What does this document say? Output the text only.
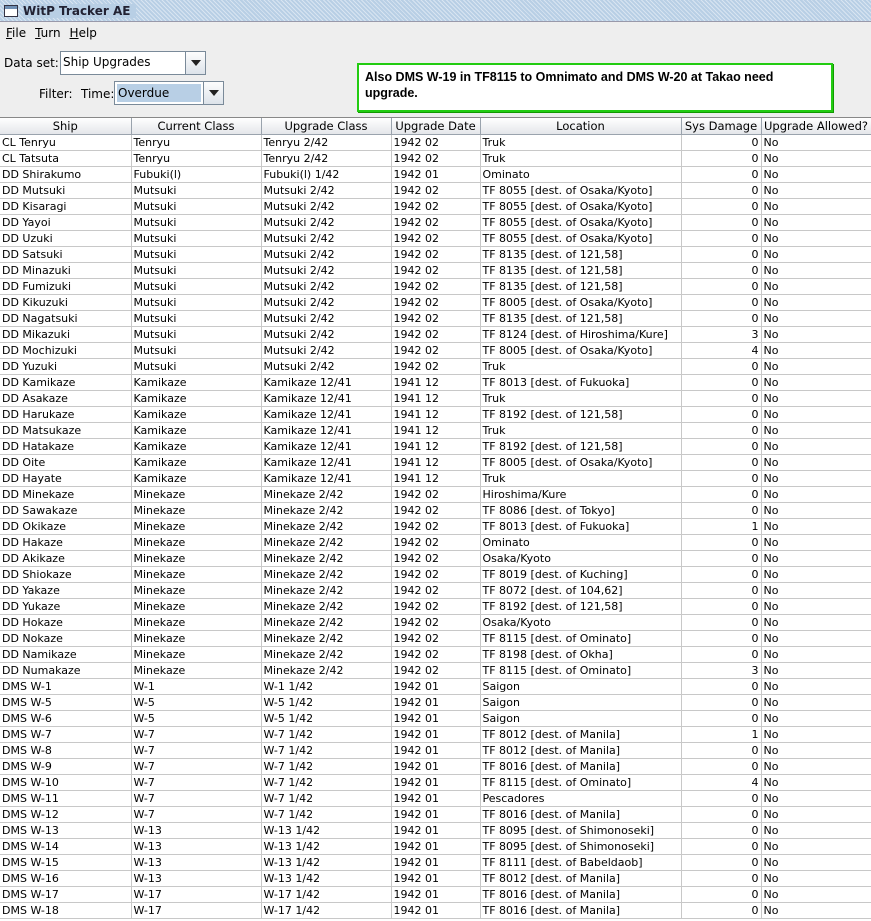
WitP Tracker AE
File Turn Help
Data set: Ship Upgrades
Filter: Time: Overdue
Also DMS W-19 in TF8115 to Omnimato and DMS W-20 at Takao need upgrade.
Ship	Current Class	Upgrade Class	Upgrade Date	Location	Sys Damage	Upgrade Allowed?
CL Tenryu	Tenryu	Tenryu 2/42	1942 02	Truk	0	No
CL Tatsuta	Tenryu	Tenryu 2/42	1942 02	Truk	0	No
DD Shirakumo	Fubuki(l)	Fubuki(l) 1/42	1942 01	Ominato	0	No
DD Mutsuki	Mutsuki	Mutsuki 2/42	1942 02	TF 8055 [dest. of Osaka/Kyoto]	0	No
DD Kisaragi	Mutsuki	Mutsuki 2/42	1942 02	TF 8055 [dest. of Osaka/Kyoto]	0	No
DD Yayoi	Mutsuki	Mutsuki 2/42	1942 02	TF 8055 [dest. of Osaka/Kyoto]	0	No
DD Uzuki	Mutsuki	Mutsuki 2/42	1942 02	TF 8055 [dest. of Osaka/Kyoto]	0	No
DD Satsuki	Mutsuki	Mutsuki 2/42	1942 02	TF 8135 [dest. of 121,58]	0	No
DD Minazuki	Mutsuki	Mutsuki 2/42	1942 02	TF 8135 [dest. of 121,58]	0	No
DD Fumizuki	Mutsuki	Mutsuki 2/42	1942 02	TF 8135 [dest. of 121,58]	0	No
DD Kikuzuki	Mutsuki	Mutsuki 2/42	1942 02	TF 8005 [dest. of Osaka/Kyoto]	0	No
DD Nagatsuki	Mutsuki	Mutsuki 2/42	1942 02	TF 8135 [dest. of 121,58]	0	No
DD Mikazuki	Mutsuki	Mutsuki 2/42	1942 02	TF 8124 [dest. of Hiroshima/Kure]	3	No
DD Mochizuki	Mutsuki	Mutsuki 2/42	1942 02	TF 8005 [dest. of Osaka/Kyoto]	4	No
DD Yuzuki	Mutsuki	Mutsuki 2/42	1942 02	Truk	0	No
DD Kamikaze	Kamikaze	Kamikaze 12/41	1941 12	TF 8013 [dest. of Fukuoka]	0	No
DD Asakaze	Kamikaze	Kamikaze 12/41	1941 12	Truk	0	No
DD Harukaze	Kamikaze	Kamikaze 12/41	1941 12	TF 8192 [dest. of 121,58]	0	No
DD Matsukaze	Kamikaze	Kamikaze 12/41	1941 12	Truk	0	No
DD Hatakaze	Kamikaze	Kamikaze 12/41	1941 12	TF 8192 [dest. of 121,58]	0	No
DD Oite	Kamikaze	Kamikaze 12/41	1941 12	TF 8005 [dest. of Osaka/Kyoto]	0	No
DD Hayate	Kamikaze	Kamikaze 12/41	1941 12	Truk	0	No
DD Minekaze	Minekaze	Minekaze 2/42	1942 02	Hiroshima/Kure	0	No
DD Sawakaze	Minekaze	Minekaze 2/42	1942 02	TF 8086 [dest. of Tokyo]	0	No
DD Okikaze	Minekaze	Minekaze 2/42	1942 02	TF 8013 [dest. of Fukuoka]	1	No
DD Hakaze	Minekaze	Minekaze 2/42	1942 02	Ominato	0	No
DD Akikaze	Minekaze	Minekaze 2/42	1942 02	Osaka/Kyoto	0	No
DD Shiokaze	Minekaze	Minekaze 2/42	1942 02	TF 8019 [dest. of Kuching]	0	No
DD Yakaze	Minekaze	Minekaze 2/42	1942 02	TF 8072 [dest. of 104,62]	0	No
DD Yukaze	Minekaze	Minekaze 2/42	1942 02	TF 8192 [dest. of 121,58]	0	No
DD Hokaze	Minekaze	Minekaze 2/42	1942 02	Osaka/Kyoto	0	No
DD Nokaze	Minekaze	Minekaze 2/42	1942 02	TF 8115 [dest. of Ominato]	0	No
DD Namikaze	Minekaze	Minekaze 2/42	1942 02	TF 8198 [dest. of Okha]	0	No
DD Numakaze	Minekaze	Minekaze 2/42	1942 02	TF 8115 [dest. of Ominato]	3	No
DMS W-1	W-1	W-1 1/42	1942 01	Saigon	0	No
DMS W-5	W-5	W-5 1/42	1942 01	Saigon	0	No
DMS W-6	W-5	W-5 1/42	1942 01	Saigon	0	No
DMS W-7	W-7	W-7 1/42	1942 01	TF 8012 [dest. of Manila]	1	No
DMS W-8	W-7	W-7 1/42	1942 01	TF 8012 [dest. of Manila]	0	No
DMS W-9	W-7	W-7 1/42	1942 01	TF 8016 [dest. of Manila]	0	No
DMS W-10	W-7	W-7 1/42	1942 01	TF 8115 [dest. of Ominato]	4	No
DMS W-11	W-7	W-7 1/42	1942 01	Pescadores	0	No
DMS W-12	W-7	W-7 1/42	1942 01	TF 8016 [dest. of Manila]	0	No
DMS W-13	W-13	W-13 1/42	1942 01	TF 8095 [dest. of Shimonoseki]	0	No
DMS W-14	W-13	W-13 1/42	1942 01	TF 8095 [dest. of Shimonoseki]	0	No
DMS W-15	W-13	W-13 1/42	1942 01	TF 8111 [dest. of Babeldaob]	0	No
DMS W-16	W-13	W-13 1/42	1942 01	TF 8012 [dest. of Manila]	0	No
DMS W-17	W-17	W-17 1/42	1942 01	TF 8016 [dest. of Manila]	0	No
DMS W-18	W-17	W-17 1/42	1942 01	TF 8016 [dest. of Manila]	0	No
